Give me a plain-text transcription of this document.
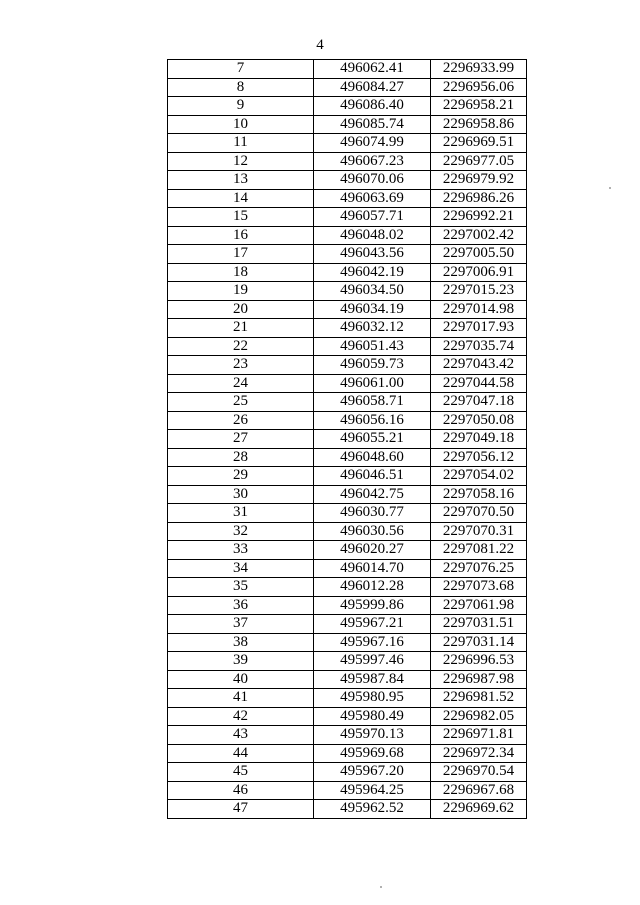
4
7	496062.41	2296933.99
8	496084.27	2296956.06
9	496086.40	2296958.21
10	496085.74	2296958.86
11	496074.99	2296969.51
12	496067.23	2296977.05
13	496070.06	2296979.92
14	496063.69	2296986.26
15	496057.71	2296992.21
16	496048.02	2297002.42
17	496043.56	2297005.50
18	496042.19	2297006.91
19	496034.50	2297015.23
20	496034.19	2297014.98
21	496032.12	2297017.93
22	496051.43	2297035.74
23	496059.73	2297043.42
24	496061.00	2297044.58
25	496058.71	2297047.18
26	496056.16	2297050.08
27	496055.21	2297049.18
28	496048.60	2297056.12
29	496046.51	2297054.02
30	496042.75	2297058.16
31	496030.77	2297070.50
32	496030.56	2297070.31
33	496020.27	2297081.22
34	496014.70	2297076.25
35	496012.28	2297073.68
36	495999.86	2297061.98
37	495967.21	2297031.51
38	495967.16	2297031.14
39	495997.46	2296996.53
40	495987.84	2296987.98
41	495980.95	2296981.52
42	495980.49	2296982.05
43	495970.13	2296971.81
44	495969.68	2296972.34
45	495967.20	2296970.54
46	495964.25	2296967.68
47	495962.52	2296969.62
